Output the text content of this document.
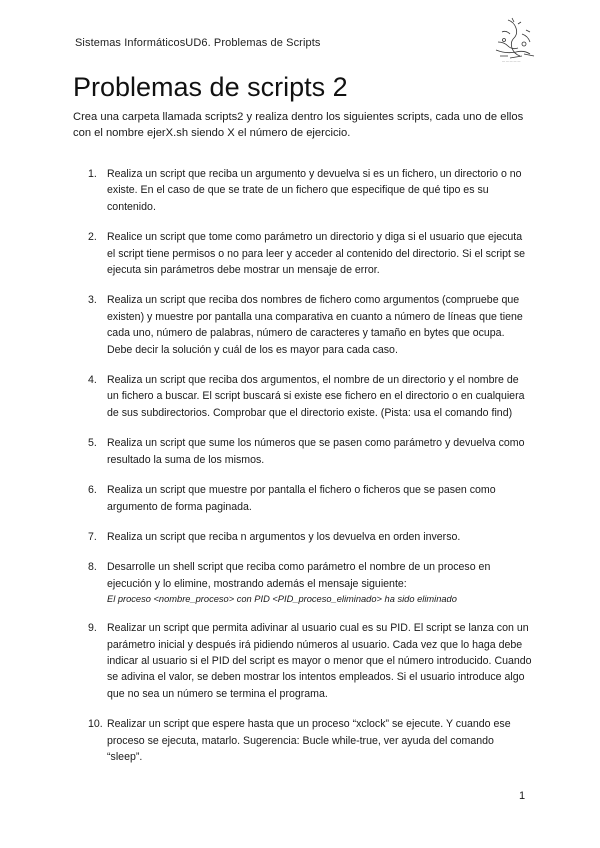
Sistemas InformáticosUD6. Problemas de Scripts
— — — — —
Problemas de scripts 2

Crea una carpeta llamada scripts2 y realiza dentro los siguientes scripts, cada uno de ellos con el nombre ejerX.sh siendo X el número de ejercicio.

1. Realiza un script que reciba un argumento y devuelva si es un fichero, un directorio o no existe. En el caso de que se trate de un fichero que especifique de qué tipo es su contenido.
2. Realice un script que tome como parámetro un directorio y diga si el usuario que ejecuta el script tiene permisos o no para leer y acceder al contenido del directorio. Si el script se ejecuta sin parámetros debe mostrar un mensaje de error.
3. Realiza un script que reciba dos nombres de fichero como argumentos (compruebe que existen) y muestre por pantalla una comparativa en cuanto a número de líneas que tiene cada uno, número de palabras, número de caracteres y tamaño en bytes que ocupa. Debe decir la solución y cuál de los es mayor para cada caso.
4. Realiza un script que reciba dos argumentos, el nombre de un directorio y el nombre de un fichero a buscar. El script buscará si existe ese fichero en el directorio o en cualquiera de sus subdirectorios. Comprobar que el directorio existe. (Pista: usa el comando find)
5. Realiza un script que sume los números que se pasen como parámetro y devuelva como resultado la suma de los mismos.
6. Realiza un script que muestre por pantalla el fichero o ficheros que se pasen como argumento de forma paginada.
7. Realiza un script que reciba n argumentos y los devuelva en orden inverso.
8. Desarrolle un shell script que reciba como parámetro el nombre de un proceso en ejecución y lo elimine, mostrando además el mensaje siguiente:
El proceso <nombre_proceso> con PID <PID_proceso_eliminado> ha sido eliminado
9. Realizar un script que permita adivinar al usuario cual es su PID. El script se lanza con un parámetro inicial y después irá pidiendo números al usuario. Cada vez que lo haga debe indicar al usuario si el PID del script es mayor o menor que el número introducido. Cuando se adivina el valor, se deben mostrar los intentos empleados. Si el usuario introduce algo que no sea un número se termina el programa.
10. Realizar un script que espere hasta que un proceso “xclock” se ejecute. Y cuando ese proceso se ejecuta, matarlo. Sugerencia: Bucle while-true, ver ayuda del comando “sleep”.
1
